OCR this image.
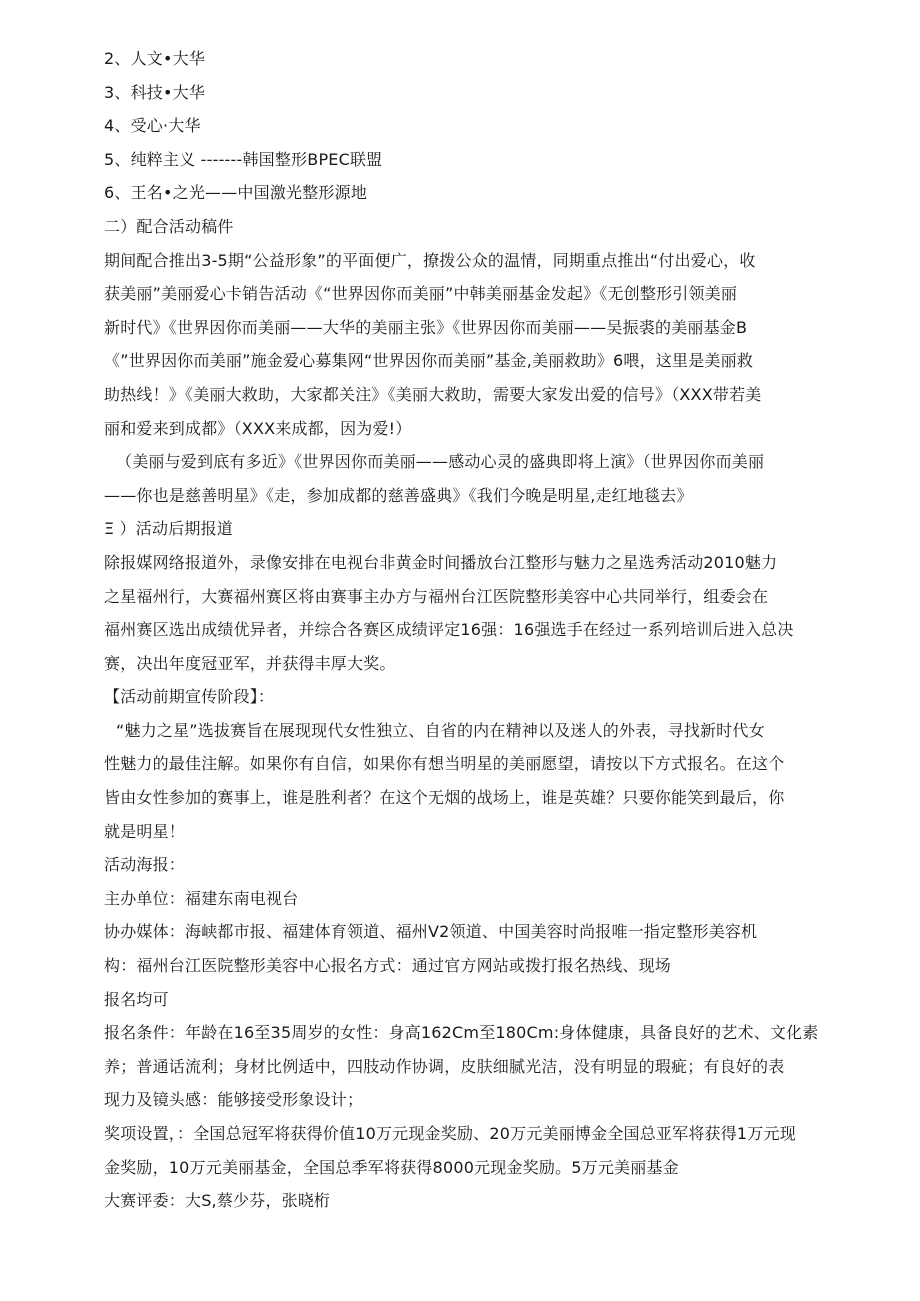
2、人文•大华
3、科技•大华
4、受心·大华
5、纯粹主义 -------韩国整形BPEC联盟
6、王名•之光——中国激光整形源地
二）配合活动稿件
期间配合推出3-5期“公益形象”的平面便广，撩拨公众的温情，同期重点推出“付出爱心，收
获美丽”美丽爱心卡销告活动《“世界因你而美丽”中韩美丽基金发起》《无创整形引领美丽
新时代》《世界因你而美丽——大华的美丽主张》《世界因你而美丽——吴振裘的美丽基金B
《”世界因你而美丽”施金爱心募集网“世界因你而美丽”基金,美丽救助》6喂，这里是美丽救
助热线！》《美丽大救助，大家都关注》《美丽大救助，需要大家发出爱的信号》（XXX带若美
丽和爱来到成都》（XXX来成都，因为爱!）
（美丽与爱到底有多近》《世界因你而美丽——感动心灵的盛典即将上演》（世界因你而美丽
——你也是慈善明星》《走，参加成都的慈善盛典》《我们今晚是明星,走红地毯去》
Ξ ）活动后期报道
除报媒网络报道外，录像安排在电视台非黄金时间播放台江整形与魅力之星选秀活动2010魅力
之星福州行，大赛福州赛区将由赛事主办方与福州台江医院整形美容中心共同举行，组委会在
福州赛区选出成绩优异者，并综合各赛区成绩评定16强：16强选手在经过一系列培训后进入总决
赛，决出年度冠亚军，并获得丰厚大奖。
【活动前期宣传阶段】：
“魅力之星”选拔赛旨在展现现代女性独立、自省的内在精神以及迷人的外表，寻找新时代女
性魅力的最佳注解。如果你有自信，如果你有想当明星的美丽愿望，请按以下方式报名。在这个
皆由女性参加的赛事上，谁是胜利者？在这个无烟的战场上，谁是英雄？只要你能笑到最后，你
就是明星！
活动海报：
主办单位：福建东南电视台
协办媒体：海峡都市报、福建体育领道、福州V2领道、中国美容时尚报唯一指定整形美容机
构：福州台江医院整形美容中心报名方式：通过官方网站或拨打报名热线、现场
报名均可
报名条件：年龄在16至35周岁的女性：身高162Cm至180Cm:身体健康，具备良好的艺术、文化素
养；普通话流利；身材比例适中，四肢动作协调，皮肤细腻光洁，没有明显的瑕疵；有良好的表
现力及镜头感：能够接受形象设计；
奖项设置，：全国总冠军将获得价值10万元现金奖励、20万元美丽博金全国总亚军将获得1万元现
金奖励，10万元美丽基金，全国总季军将获得8000元现金奖励。5万元美丽基金
大赛评委：大S,蔡少芬，张晓桁
